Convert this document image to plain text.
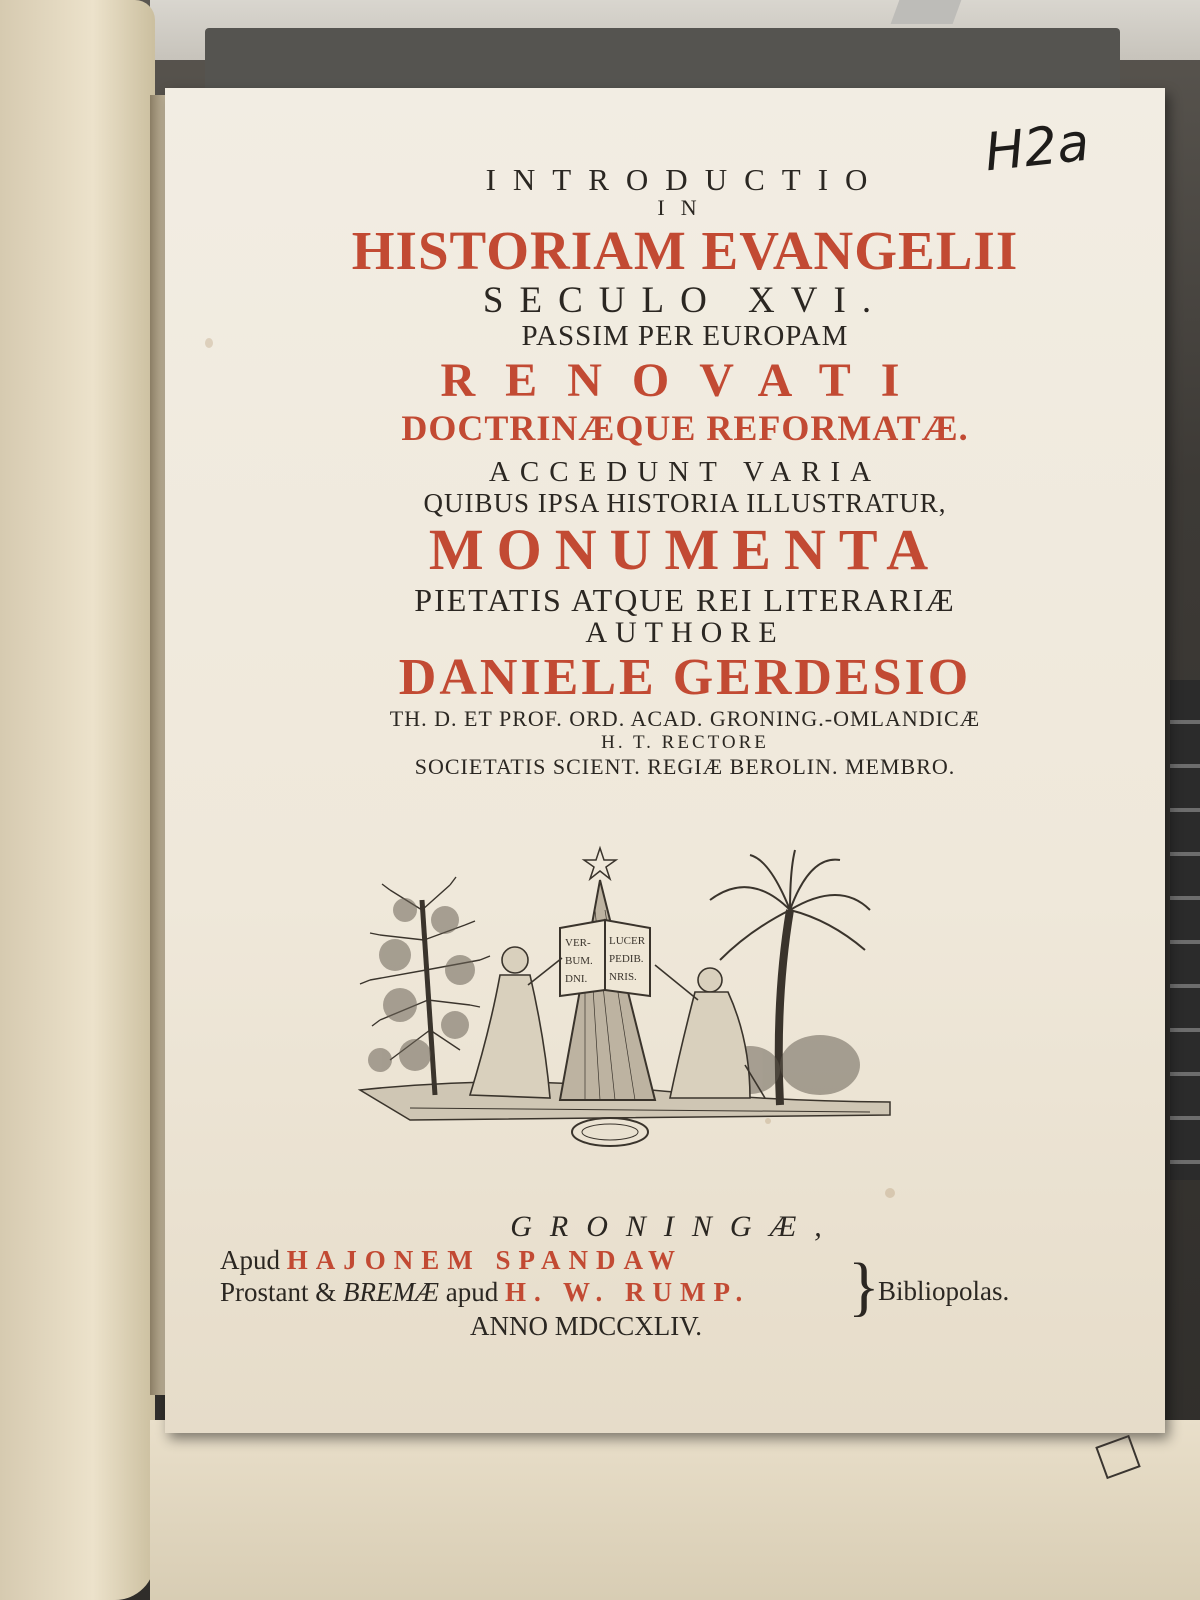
H2a
INTRODUCTIO
IN
HISTORIAM EVANGELII
SECULO XVI.
PASSIM PER EUROPAM
RENOVATI
DOCTRINÆQUE REFORMATÆ.
ACCEDUNT VARIA
QUIBUS IPSA HISTORIA ILLUSTRATUR,
MONUMENTA
PIETATIS ATQUE REI LITERARIÆ
AUTHORE
DANIELE GERDESIO
TH. D. ET PROF. ORD. ACAD. GRONING.-OMLANDICÆ
H. T. RECTORE
SOCIETATIS SCIENT. REGIÆ BEROLIN. MEMBRO.
VER- LUCER
BUM. PEDIB.
DNI. NRIS.
GRONINGÆ,
Apud HAJONEM SPANDAW
Prostant & BREMÆ apud H. W. RUMP.	}
Bibliopolas.
ANNO MDCCXLIV.
